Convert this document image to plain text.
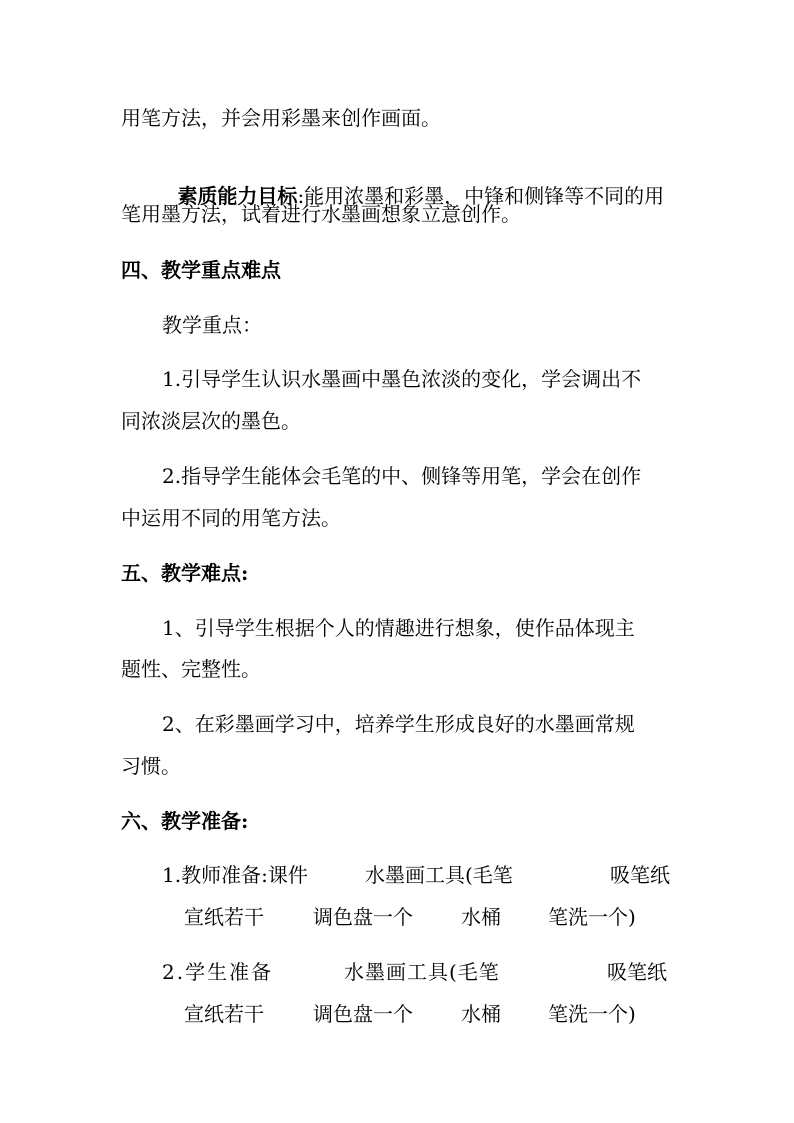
用笔方法，并会用彩墨来创作画面。

素质能力目标:能用浓墨和彩墨，中锋和侧锋等不同的用

笔用墨方法，试着进行水墨画想象立意创作。
四、教学重点难点
教学重点：
1.引导学生认识水墨画中墨色浓淡的变化，学会调出不
同浓淡层次的墨色。
2.指导学生能体会毛笔的中、侧锋等用笔，学会在创作
中运用不同的用笔方法。
五、教学难点:
1、引导学生根据个人的情趣进行想象，使作品体现主
题性、完整性。
2、在彩墨画学习中，培养学生形成良好的水墨画常规
习惯。
六、教学准备:
1.教师准备:课件	水墨画工具(毛笔	吸笔纸
宣纸若干 调色盘一个 水桶 笔洗一个)
2.学生准备	水墨画工具(毛笔	吸笔纸
宣纸若干 调色盘一个 水桶 笔洗一个)
